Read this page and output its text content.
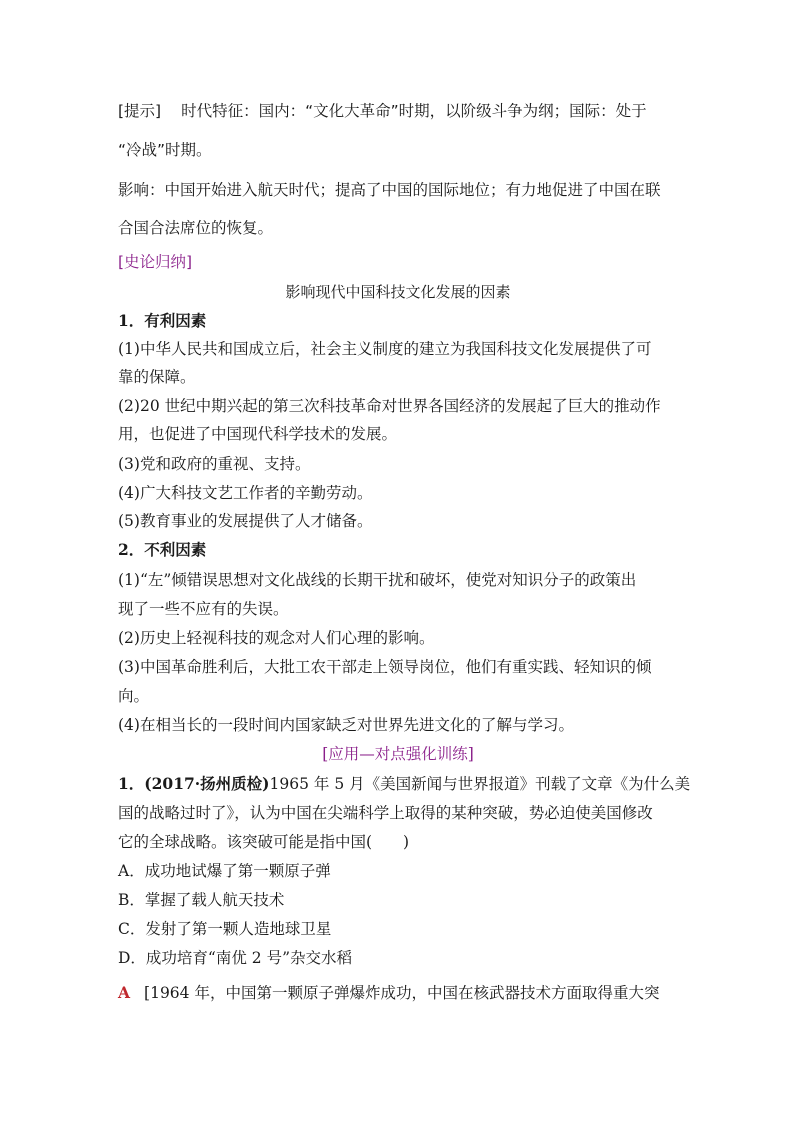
[提示] 时代特征：国内：“文化大革命”时期，以阶级斗争为纲；国际：处于
“冷战”时期。
影响：中国开始进入航天时代；提高了中国的国际地位；有力地促进了中国在联
合国合法席位的恢复。
[史论归纳]
影响现代中国科技文化发展的因素
1．有利因素
(1)中华人民共和国成立后，社会主义制度的建立为我国科技文化发展提供了可
靠的保障。
(2)20 世纪中期兴起的第三次科技革命对世界各国经济的发展起了巨大的推动作
用，也促进了中国现代科学技术的发展。
(3)党和政府的重视、支持。
(4)广大科技文艺工作者的辛勤劳动。
(5)教育事业的发展提供了人才储备。
2．不利因素
(1)“左”倾错误思想对文化战线的长期干扰和破坏，使党对知识分子的政策出
现了一些不应有的失误。
(2)历史上轻视科技的观念对人们心理的影响。
(3)中国革命胜利后，大批工农干部走上领导岗位，他们有重实践、轻知识的倾
向。
(4)在相当长的一段时间内国家缺乏对世界先进文化的了解与学习。
[应用—对点强化训练]
1．(2017·扬州质检)1965 年 5 月《美国新闻与世界报道》刊载了文章《为什么美
国的战略过时了》，认为中国在尖端科学上取得的某种突破，势必迫使美国修改
它的全球战略。该突破可能是指中国(　　)
A．成功地试爆了第一颗原子弹
B．掌握了载人航天技术
C．发射了第一颗人造地球卫星
D．成功培育“南优 2 号”杂交水稻
A [1964 年，中国第一颗原子弹爆炸成功，中国在核武器技术方面取得重大突
